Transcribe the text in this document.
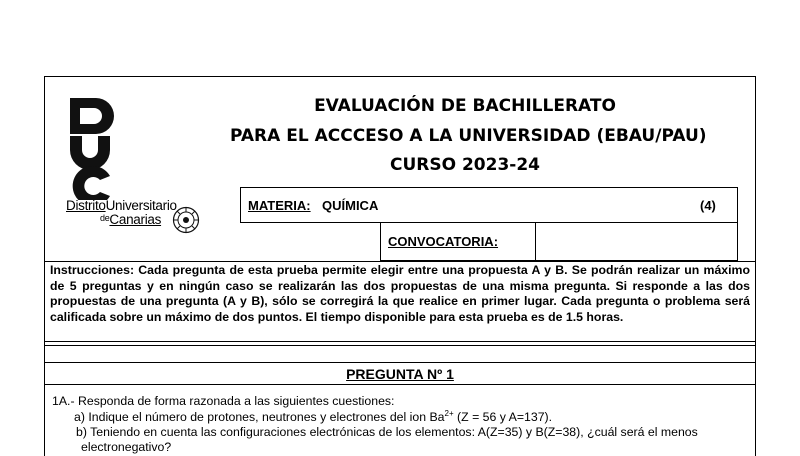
DistritoUniversitario
$^{de}$Canarias
EVALUACIÓN DE BACHILLERATO
PARA EL ACCCESO A LA UNIVERSIDAD (EBAU/PAU)
CURSO 2023-24
MATERIA: QUÍMICA	(4)
CONVOCATORIA:

Instrucciones: Cada pregunta de esta prueba permite elegir entre una propuesta A y B. Se podrán realizar un máximo de 5 preguntas y en ningún caso se realizarán las dos propuestas de una misma pregunta. Si responde a las dos propuestas de una pregunta (A y B), sólo se corregirá la que realice en primer lugar. Cada pregunta o problema será calificada sobre un máximo de dos puntos. El tiempo disponible para esta prueba es de 1.5 horas.

PREGUNTA Nº 1
1A.- Responda de forma razonada a las siguientes cuestiones:
a) Indique el número de protones, neutrones y electrones del ion $Ba^{2+}$ (Z = 56 y A=137).
b) Teniendo en cuenta las configuraciones electrónicas de los elementos: A(Z=35) y B(Z=38), ¿cuál será el menos
electronegativo?
